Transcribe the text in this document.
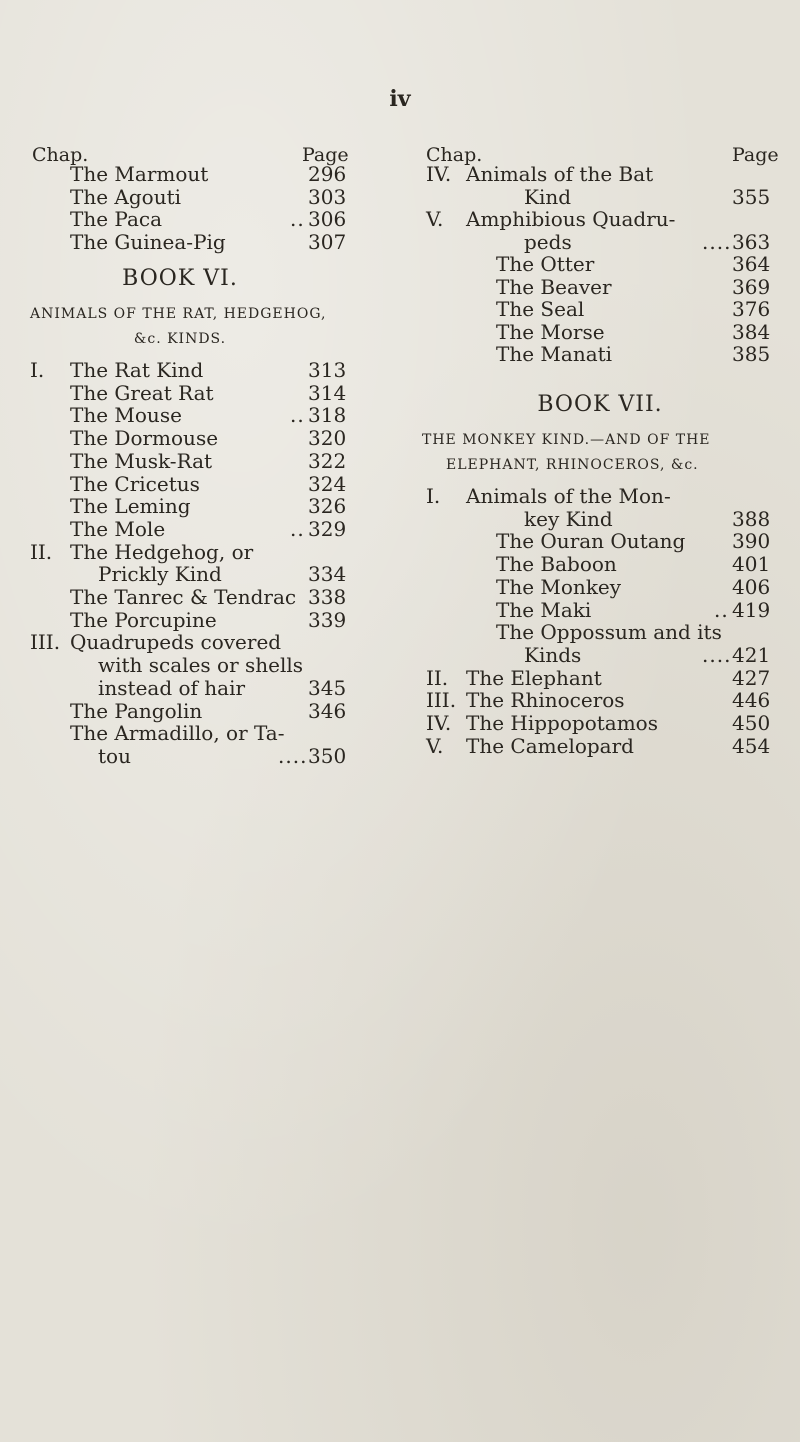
iv
Chap.	Page
The Marmout	296
The Agouti	303
The Paca	.. 306
The Guinea-Pig	307
BOOK VI.
ANIMALS OF THE RAT, HEDGEHOG,
&c. KINDS.
I. The Rat Kind	313
The Great Rat	314
The Mouse	.. 318
The Dormouse	320
The Musk-Rat	322
The Cricetus	324
The Leming	326
The Mole	.. 329
II. The Hedgehog, or
Prickly Kind	334
The Tanrec & Tendrac 338
The Porcupine	339
III. Quadrupeds covered
with scales or shells
instead of hair	345
The Pangolin	346
The Armadillo, or Ta-
tou	.... 350
Chap.	Page
IV. Animals of the Bat
Kind	355
V. Amphibious Quadru-
peds	.... 363
The Otter	364
The Beaver	369
The Seal	376
The Morse	384
The Manati	385
BOOK VII.
THE MONKEY KIND.—AND OF THE
ELEPHANT, RHINOCEROS, &c.
I. Animals of the Mon-
key Kind	388
The Ouran Outang 390
The Baboon	401
The Monkey	406
The Maki	.. 419
The Oppossum and its
Kinds	.... 421
II. The Elephant	427
III. The Rhinoceros	446
IV. The Hippopotamos	450
V. The Camelopard	454
